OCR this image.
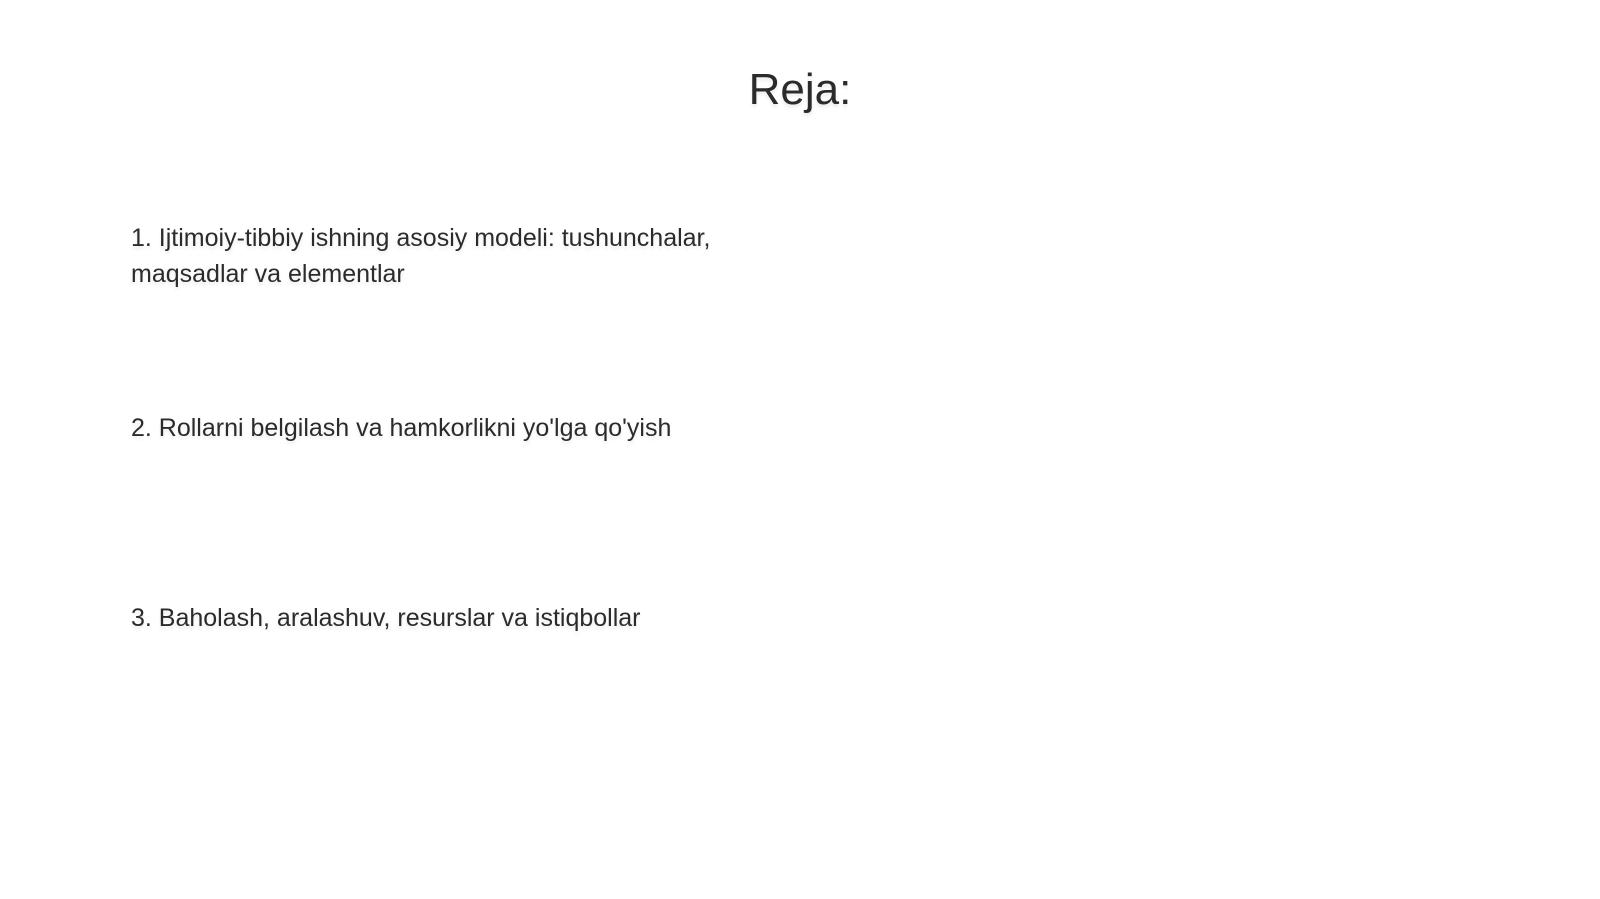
Reja:

1. Ijtimoiy-tibbiy ishning asosiy modeli: tushunchalar, maqsadlar va elementlar

2. Rollarni belgilash va hamkorlikni yo'lga qo'yish

3. Baholash, aralashuv, resurslar va istiqbollar
